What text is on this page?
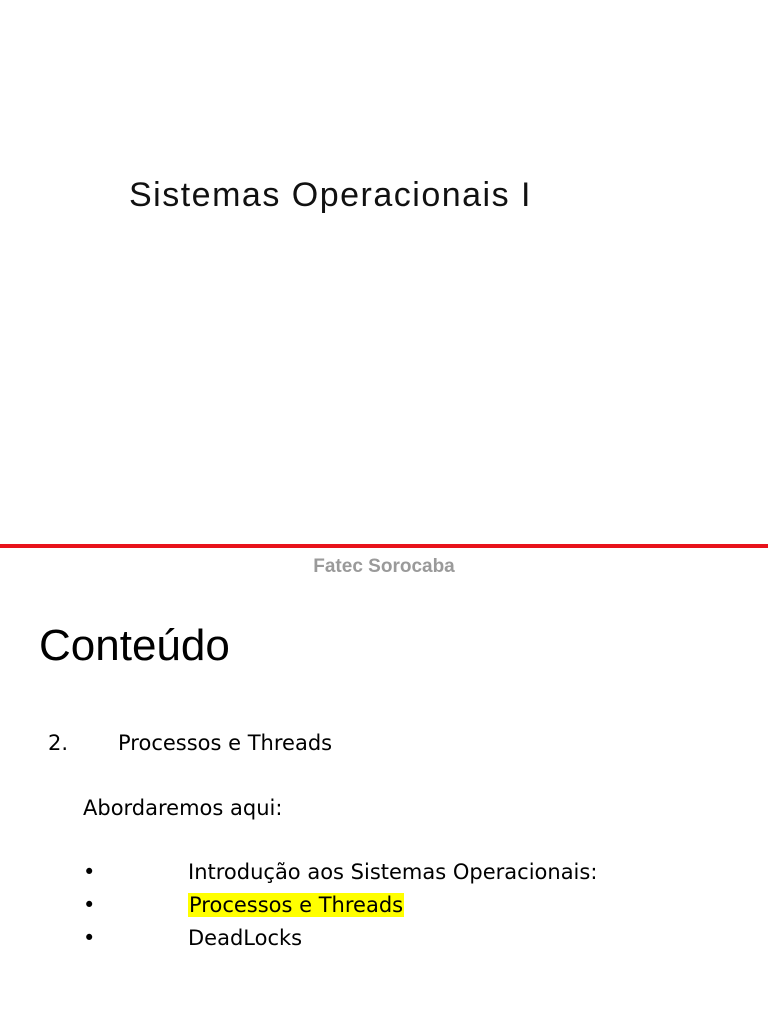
Sistemas Operacionais I
Fatec Sorocaba
Conteúdo
2. Processos e Threads
Abordaremos aqui:
•
•
•
Introdução aos Sistemas Operacionais:
Processos e Threads
DeadLocks
